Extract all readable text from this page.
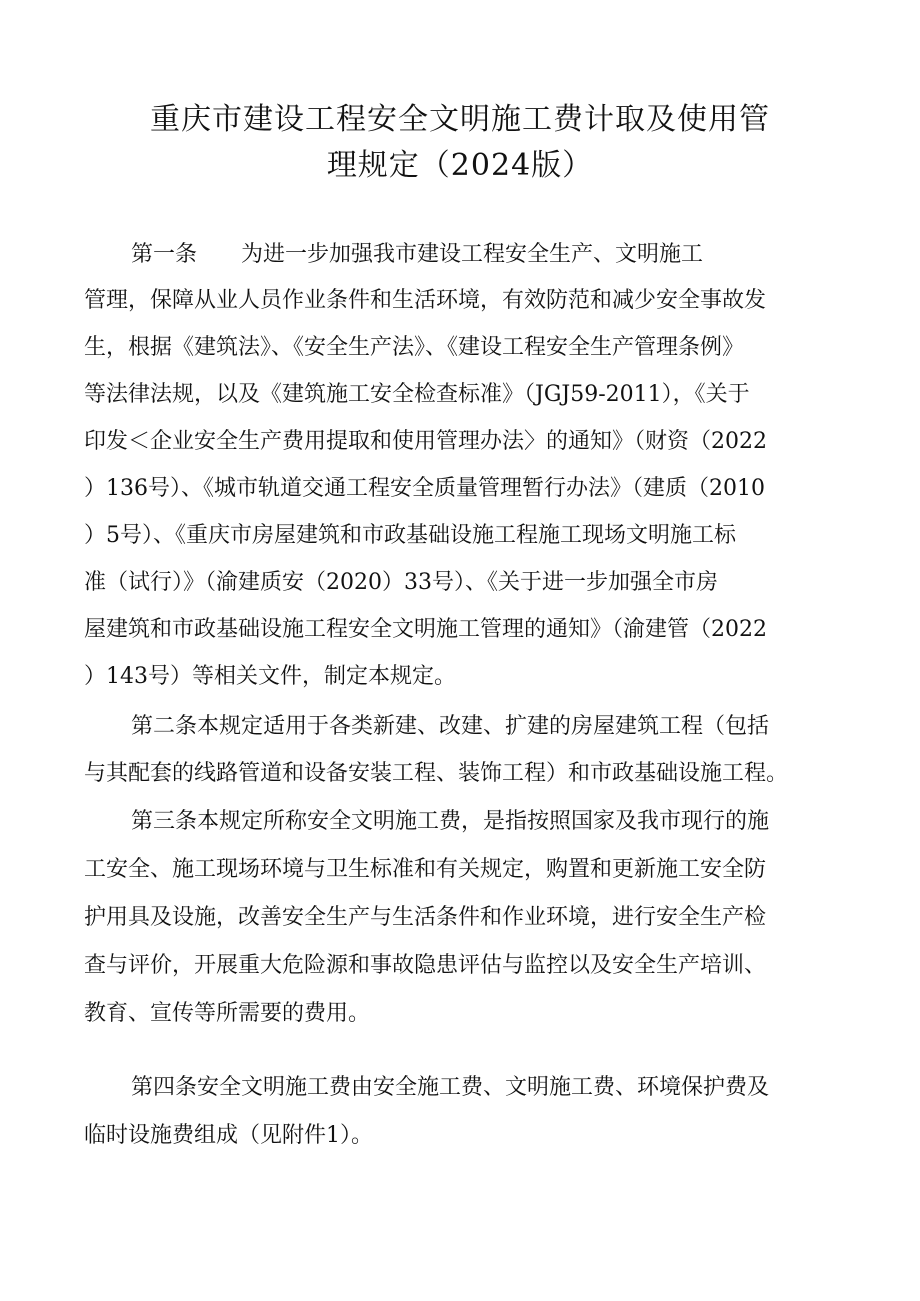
重庆市建设工程安全文明施工费计取及使用管
理规定（2024版）
第一条 为进一步加强我市建设工程安全生产、文明施工
管理，保障从业人员作业条件和生活环境，有效防范和减少安全事故发
生，根据《建筑法》、《安全生产法》、《建设工程安全生产管理条例》
等法律法规，以及《建筑施工安全检查标准》（JGJ59-2011），《关于
印发＜企业安全生产费用提取和使用管理办法〉的通知》（财资（2022
）136号）、《城市轨道交通工程安全质量管理暂行办法》（建质（2010
）5号）、《重庆市房屋建筑和市政基础设施工程施工现场文明施工标
准（试行）》（渝建质安（2020）33号）、《关于进一步加强全市房
屋建筑和市政基础设施工程安全文明施工管理的通知》（渝建管（2022
）143号）等相关文件，制定本规定。
第二条本规定适用于各类新建、改建、扩建的房屋建筑工程（包括
与其配套的线路管道和设备安装工程、装饰工程）和市政基础设施工程。
第三条本规定所称安全文明施工费，是指按照国家及我市现行的施
工安全、施工现场环境与卫生标准和有关规定，购置和更新施工安全防
护用具及设施，改善安全生产与生活条件和作业环境，进行安全生产检
查与评价，开展重大危险源和事故隐患评估与监控以及安全生产培训、
教育、宣传等所需要的费用。
第四条安全文明施工费由安全施工费、文明施工费、环境保护费及
临时设施费组成（见附件1）。
